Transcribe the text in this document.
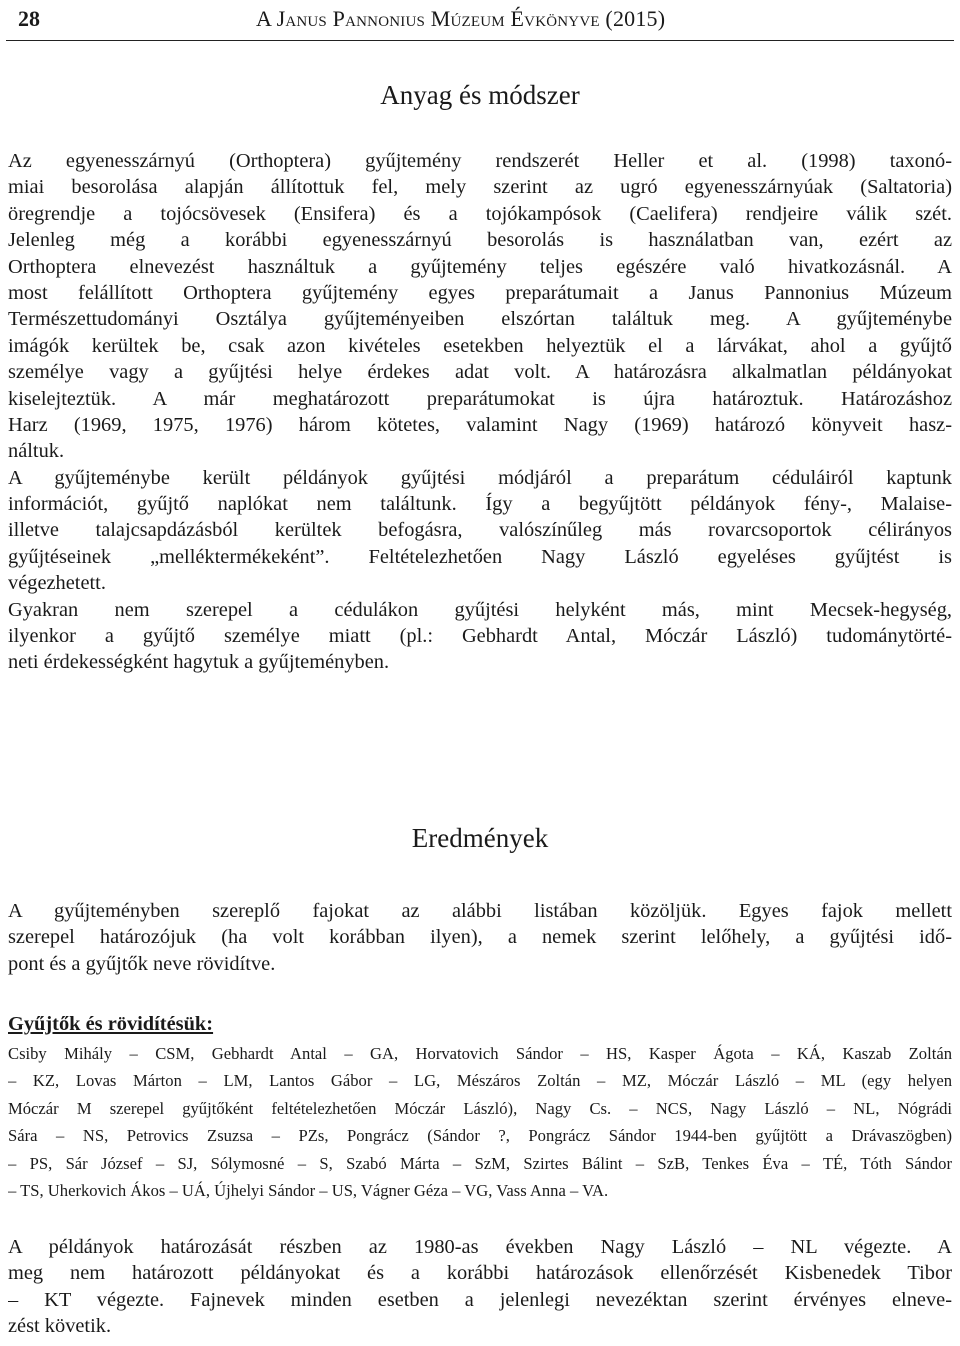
28	A Janus Pannonius Múzeum Évkönyve (2015)
Anyag és módszer
Az egyenesszárnyú (Orthoptera) gyűjtemény rendszerét Heller et al. (1998) taxonó-
miai besorolása alapján állítottuk fel, mely szerint az ugró egyenesszárnyúak (Saltatoria)
öregrendje a tojócsövesek (Ensifera) és a tojókampósok (Caelifera) rendjeire válik szét.
Jelenleg még a korábbi egyenesszárnyú besorolás is használatban van, ezért az
Orthoptera elnevezést használtuk a gyűjtemény teljes egészére való hivatkozásnál. A
most felállított Orthoptera gyűjtemény egyes preparátumait a Janus Pannonius Múzeum
Természettudományi Osztálya gyűjteményeiben elszórtan találtuk meg. A gyűjteménybe
imágók kerültek be, csak azon kivételes esetekben helyeztük el a lárvákat, ahol a gyűjtő
személye vagy a gyűjtési helye érdekes adat volt. A határozásra alkalmatlan példányokat
kiselejteztük. A már meghatározott preparátumokat is újra határoztuk. Határozáshoz
Harz (1969, 1975, 1976) három kötetes, valamint Nagy (1969) határozó könyveit hasz-
náltuk.
A gyűjteménybe került példányok gyűjtési módjáról a preparátum céduláiról kaptunk
információt, gyűjtő naplókat nem találtunk. Így a begyűjtött példányok fény-, Malaise-
illetve talajcsapdázásból kerültek befogásra, valószínűleg más rovarcsoportok célirányos
gyűjtéseinek „melléktermékeként”. Feltételezhetően Nagy László egyeléses gyűjtést is
végezhetett.
Gyakran nem szerepel a cédulákon gyűjtési helyként más, mint Mecsek-hegység,
ilyenkor a gyűjtő személye miatt (pl.: Gebhardt Antal, Móczár László) tudománytörté-
neti érdekességként hagytuk a gyűjteményben.
Eredmények
A gyűjteményben szereplő fajokat az alábbi listában közöljük. Egyes fajok mellett
szerepel határozójuk (ha volt korábban ilyen), a nemek szerint lelőhely, a gyűjtési idő-
pont és a gyűjtők neve rövidítve.
Gyűjtők és rövidítésük:
Csiby Mihály – CSM, Gebhardt Antal – GA, Horvatovich Sándor – HS, Kasper Ágota – KÁ, Kaszab Zoltán
– KZ, Lovas Márton – LM, Lantos Gábor – LG, Mészáros Zoltán – MZ, Móczár László – ML (egy helyen
Móczár M szerepel gyűjtőként feltételezhetően Móczár László), Nagy Cs. – NCS, Nagy László – NL, Nógrádi
Sára – NS, Petrovics Zsuzsa – PZs, Pongrácz (Sándor ?, Pongrácz Sándor 1944-ben gyűjtött a Drávaszögben)
– PS, Sár József – SJ, Sólymosné – S, Szabó Márta – SzM, Szirtes Bálint – SzB, Tenkes Éva – TÉ, Tóth Sándor
– TS, Uherkovich Ákos – UÁ, Újhelyi Sándor – US, Vágner Géza – VG, Vass Anna – VA.
A példányok határozását részben az 1980-as években Nagy László – NL végezte. A
meg nem határozott példányokat és a korábbi határozások ellenőrzését Kisbenedek Tibor
– KT végezte. Fajnevek minden esetben a jelenlegi nevezéktan szerint érvényes elneve-
zést követik.
